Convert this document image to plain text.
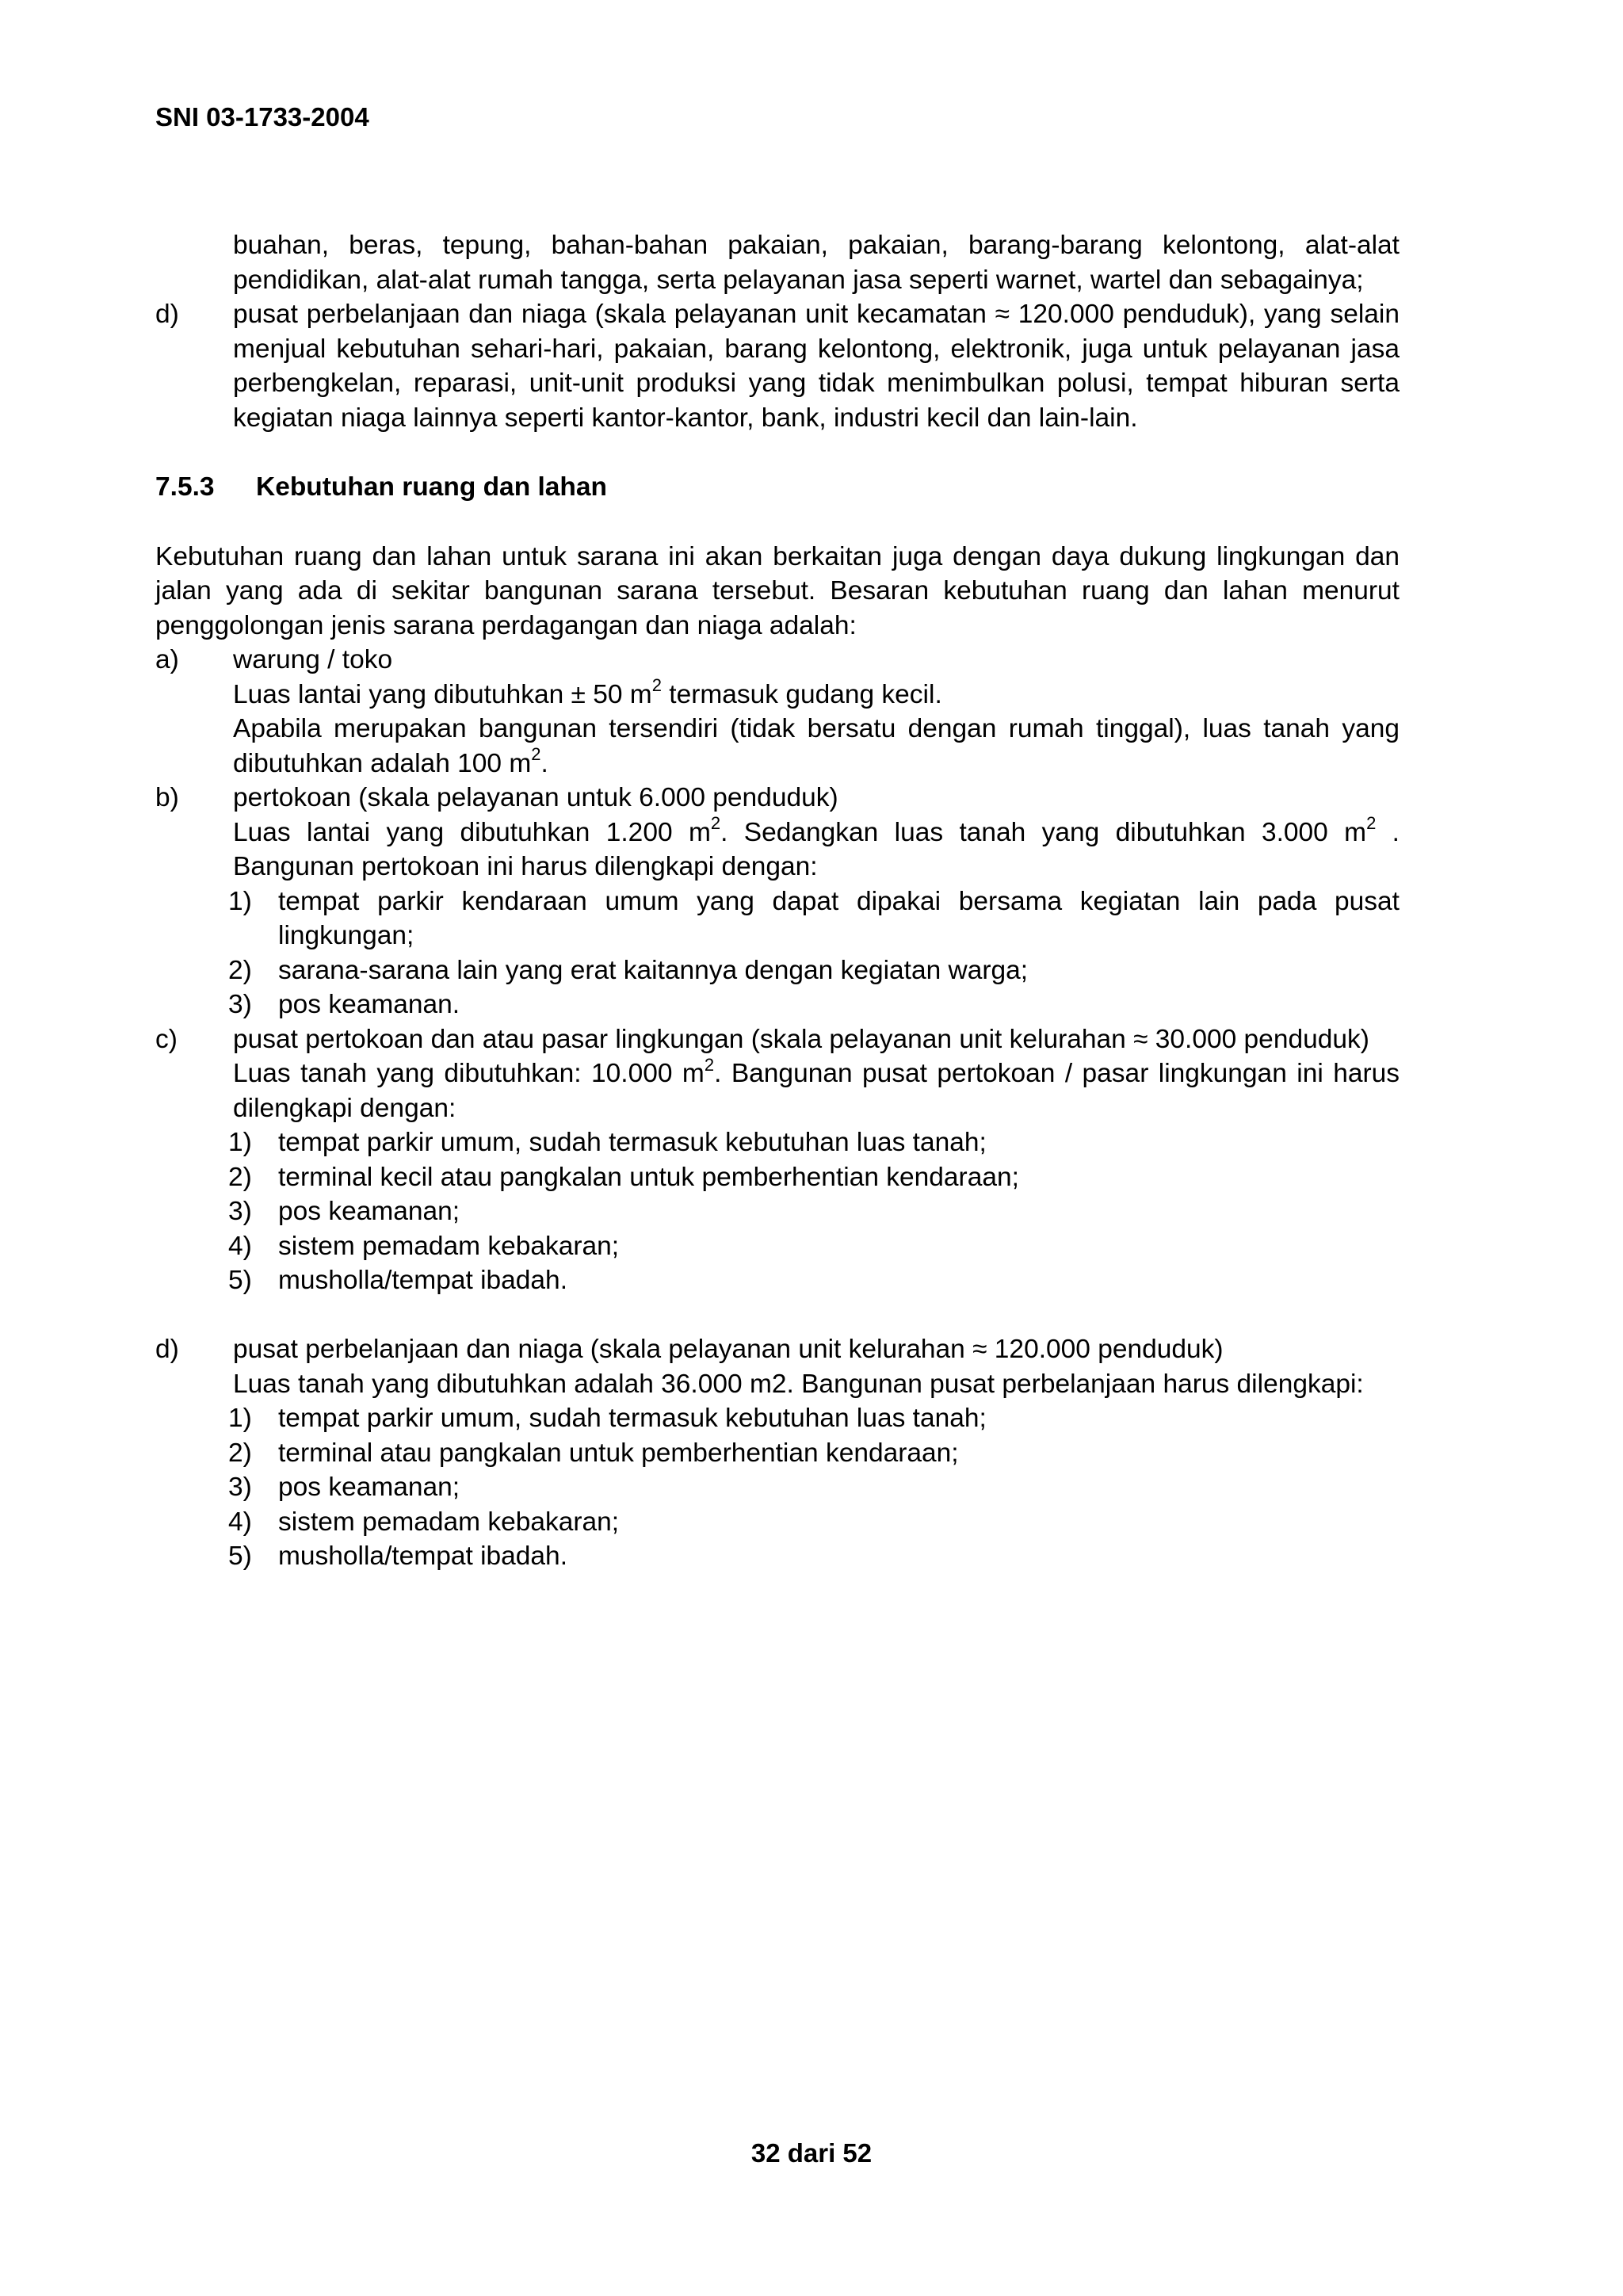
SNI 03-1733-2004

buahan, beras, tepung, bahan-bahan pakaian, pakaian, barang-barang kelontong, alat-alat pendidikan, alat-alat rumah tangga, serta pelayanan jasa seperti warnet, wartel dan sebagainya;

d) pusat perbelanjaan dan niaga (skala pelayanan unit kecamatan ≈ 120.000 penduduk), yang selain menjual kebutuhan sehari-hari, pakaian, barang kelontong, elektronik, juga untuk pelayanan jasa perbengkelan, reparasi, unit-unit produksi yang tidak menimbulkan polusi, tempat hiburan serta kegiatan niaga lainnya seperti kantor-kantor, bank, industri kecil dan lain-lain.

7.5.3 Kebutuhan ruang dan lahan

Kebutuhan ruang dan lahan untuk sarana ini akan berkaitan juga dengan daya dukung lingkungan dan jalan yang ada di sekitar bangunan sarana tersebut. Besaran kebutuhan ruang dan lahan menurut penggolongan jenis sarana perdagangan dan niaga adalah:

a) warung / toko

Luas lantai yang dibutuhkan ± 50 $m^2$ termasuk gudang kecil.

Apabila merupakan bangunan tersendiri (tidak bersatu dengan rumah tinggal), luas tanah yang dibutuhkan adalah 100 $m^2$.

b) pertokoan (skala pelayanan untuk 6.000 penduduk)

Luas lantai yang dibutuhkan 1.200 $m^2$. Sedangkan luas tanah yang dibutuhkan 3.000 $m^2$ . Bangunan pertokoan ini harus dilengkapi dengan:

1) tempat parkir kendaraan umum yang dapat dipakai bersama kegiatan lain pada pusat lingkungan;
2) sarana-sarana lain yang erat kaitannya dengan kegiatan warga;
3) pos keamanan.
c) pusat pertokoan dan atau pasar lingkungan (skala pelayanan unit kelurahan ≈ 30.000 penduduk)

Luas tanah yang dibutuhkan: 10.000 $m^2$. Bangunan pusat pertokoan / pasar lingkungan ini harus dilengkapi dengan:

1) tempat parkir umum, sudah termasuk kebutuhan luas tanah;
2) terminal kecil atau pangkalan untuk pemberhentian kendaraan;
3) pos keamanan;
4) sistem pemadam kebakaran;
5) musholla/tempat ibadah.
d) pusat perbelanjaan dan niaga (skala pelayanan unit kelurahan ≈ 120.000 penduduk)

Luas tanah yang dibutuhkan adalah 36.000 m2. Bangunan pusat perbelanjaan harus dilengkapi:

1) tempat parkir umum, sudah termasuk kebutuhan luas tanah;
2) terminal atau pangkalan untuk pemberhentian kendaraan;
3) pos keamanan;
4) sistem pemadam kebakaran;
5) musholla/tempat ibadah.
32 dari 52
